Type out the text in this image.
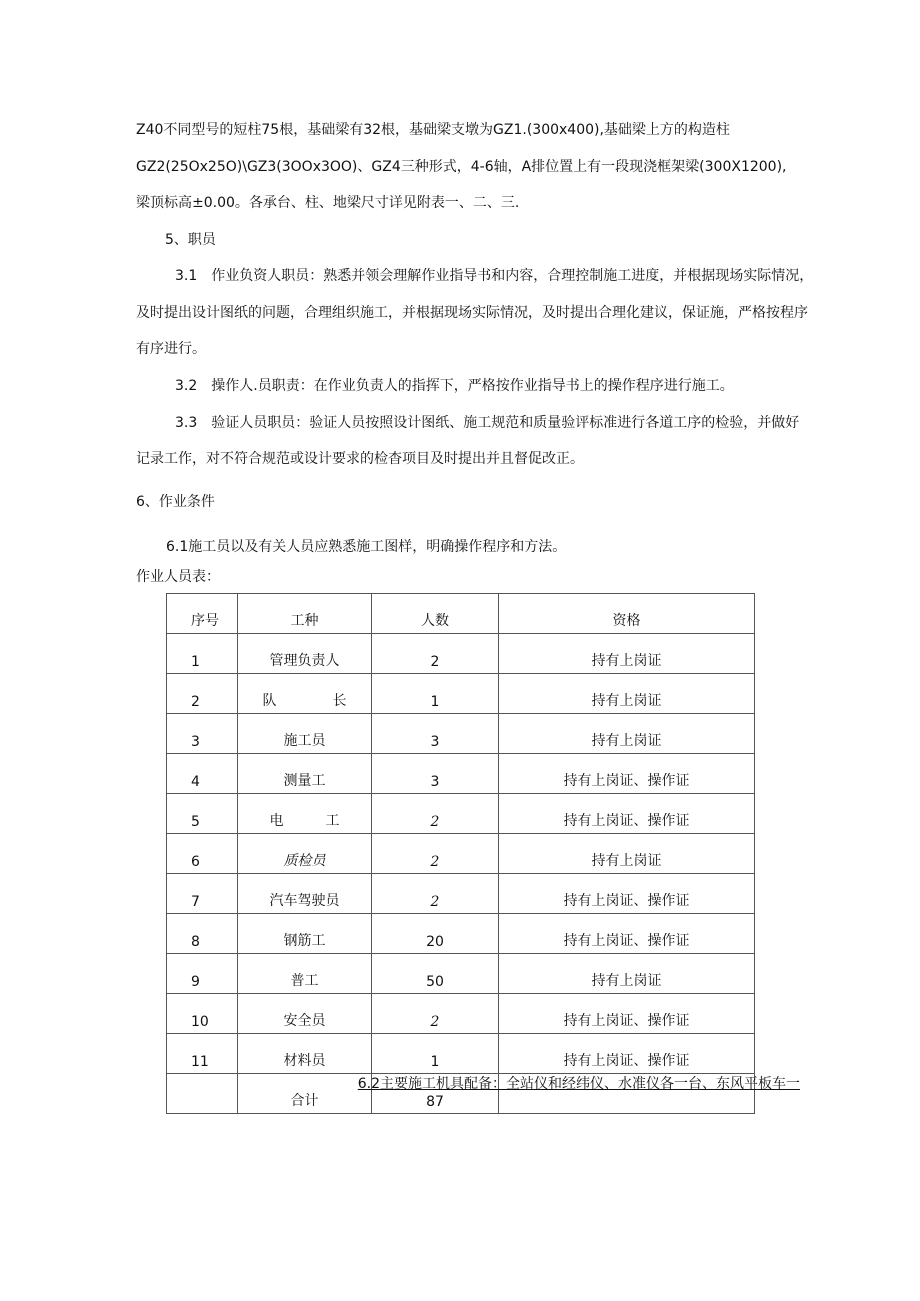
Z40不同型号的短柱75根，基础梁有32根，基础梁支墩为GZ1.(300x400),基础梁上方的构造柱
GZ2(25Ox25O)\GZ3(3OOx3OO)、GZ4三种形式，4-6轴，A排位置上有一段现浇框架梁(300X1200),
梁顶标高±0.00。各承台、柱、地梁尺寸详见附表一、二、三.
5、职员
3.1　作业负资人职员：熟悉并领会理解作业指导书和内容，合理控制施工进度，并根据现场实际情况，
及时提出设计图纸的问题，合理组织施工，并根据现场实际情况，及时提出合理化建议，保证施，严格按程序
有序进行。
3.2　操作人.员职责：在作业负责人的指挥下，严格按作业指导书上的操作程序进行施工。
3.3　验证人员职员：验证人员按照设计图纸、施工规范和质量验评标准进行各道工序的检验，并做好
记录工作，对不符合规范或设计要求的检杳项目及时提出并且督促改正。
6、作业条件
6.1施工员以及有关人员应熟悉施工图样，明确操作程序和方法。
作业人员表：
序号	工种	人数	资格
1	管理负责人	2	持有上岗证
2	队　　　　长	1	持有上岗证
3	施工员	3	持有上岗证
4	测量工	3	持有上岗证、操作证
5	电　　　工	2	持有上岗证、操作证
6	质检员	2	持有上岗证
7	汽车驾驶员	2	持有上岗证、操作证
8	钢筋工	20	持有上岗证、操作证
9	普工	50	持有上岗证
10	安全员	2	持有上岗证、操作证
11	材料员	1	持有上岗证、操作证
	合计	87	
6.2主要施工机具配备：全站仪和经纬仪、水准仪各一台、东风平板车一
